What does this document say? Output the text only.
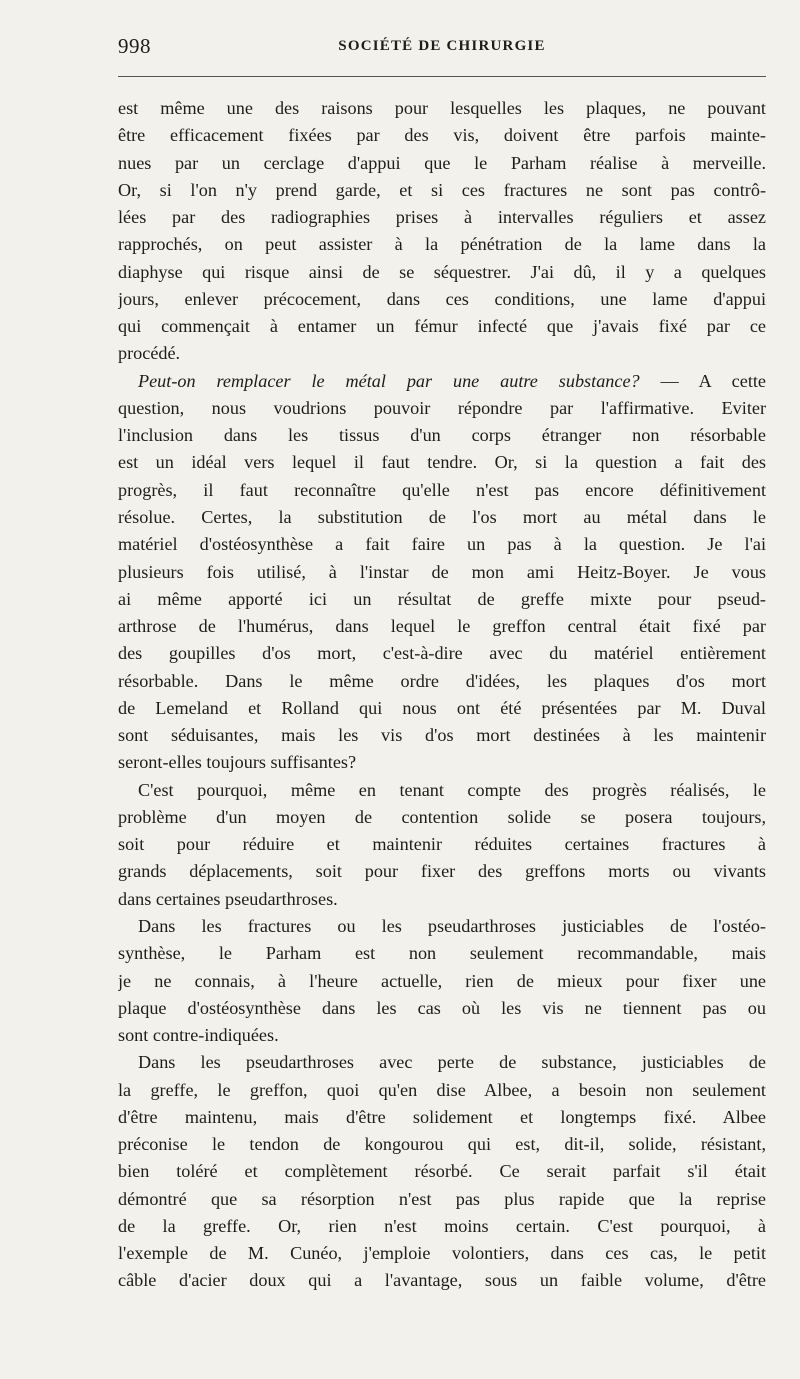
998	SOCIÉTÉ DE CHIRURGIE
est même une des raisons pour lesquelles les plaques, ne pouvant
être efficacement fixées par des vis, doivent être parfois mainte-
nues par un cerclage d'appui que le Parham réalise à merveille.
Or, si l'on n'y prend garde, et si ces fractures ne sont pas contrô-
lées par des radiographies prises à intervalles réguliers et assez
rapprochés, on peut assister à la pénétration de la lame dans la
diaphyse qui risque ainsi de se séquestrer. J'ai dû, il y a quelques
jours, enlever précocement, dans ces conditions, une lame d'appui
qui commençait à entamer un fémur infecté que j'avais fixé par ce
procédé.
Peut-on remplacer le métal par une autre substance? — A cette
question, nous voudrions pouvoir répondre par l'affirmative. Eviter
l'inclusion dans les tissus d'un corps étranger non résorbable
est un idéal vers lequel il faut tendre. Or, si la question a fait des
progrès, il faut reconnaître qu'elle n'est pas encore définitivement
résolue. Certes, la substitution de l'os mort au métal dans le
matériel d'ostéosynthèse a fait faire un pas à la question. Je l'ai
plusieurs fois utilisé, à l'instar de mon ami Heitz-Boyer. Je vous
ai même apporté ici un résultat de greffe mixte pour pseud-
arthrose de l'humérus, dans lequel le greffon central était fixé par
des goupilles d'os mort, c'est-à-dire avec du matériel entièrement
résorbable. Dans le même ordre d'idées, les plaques d'os mort
de Lemeland et Rolland qui nous ont été présentées par M. Duval
sont séduisantes, mais les vis d'os mort destinées à les maintenir
seront-elles toujours suffisantes?
C'est pourquoi, même en tenant compte des progrès réalisés, le
problème d'un moyen de contention solide se posera toujours,
soit pour réduire et maintenir réduites certaines fractures à
grands déplacements, soit pour fixer des greffons morts ou vivants
dans certaines pseudarthroses.
Dans les fractures ou les pseudarthroses justiciables de l'ostéo-
synthèse, le Parham est non seulement recommandable, mais
je ne connais, à l'heure actuelle, rien de mieux pour fixer une
plaque d'ostéosynthèse dans les cas où les vis ne tiennent pas ou
sont contre-indiquées.
Dans les pseudarthroses avec perte de substance, justiciables de
la greffe, le greffon, quoi qu'en dise Albee, a besoin non seulement
d'être maintenu, mais d'être solidement et longtemps fixé. Albee
préconise le tendon de kongourou qui est, dit-il, solide, résistant,
bien toléré et complètement résorbé. Ce serait parfait s'il était
démontré que sa résorption n'est pas plus rapide que la reprise
de la greffe. Or, rien n'est moins certain. C'est pourquoi, à
l'exemple de M. Cunéo, j'emploie volontiers, dans ces cas, le petit
câble d'acier doux qui a l'avantage, sous un faible volume, d'être
